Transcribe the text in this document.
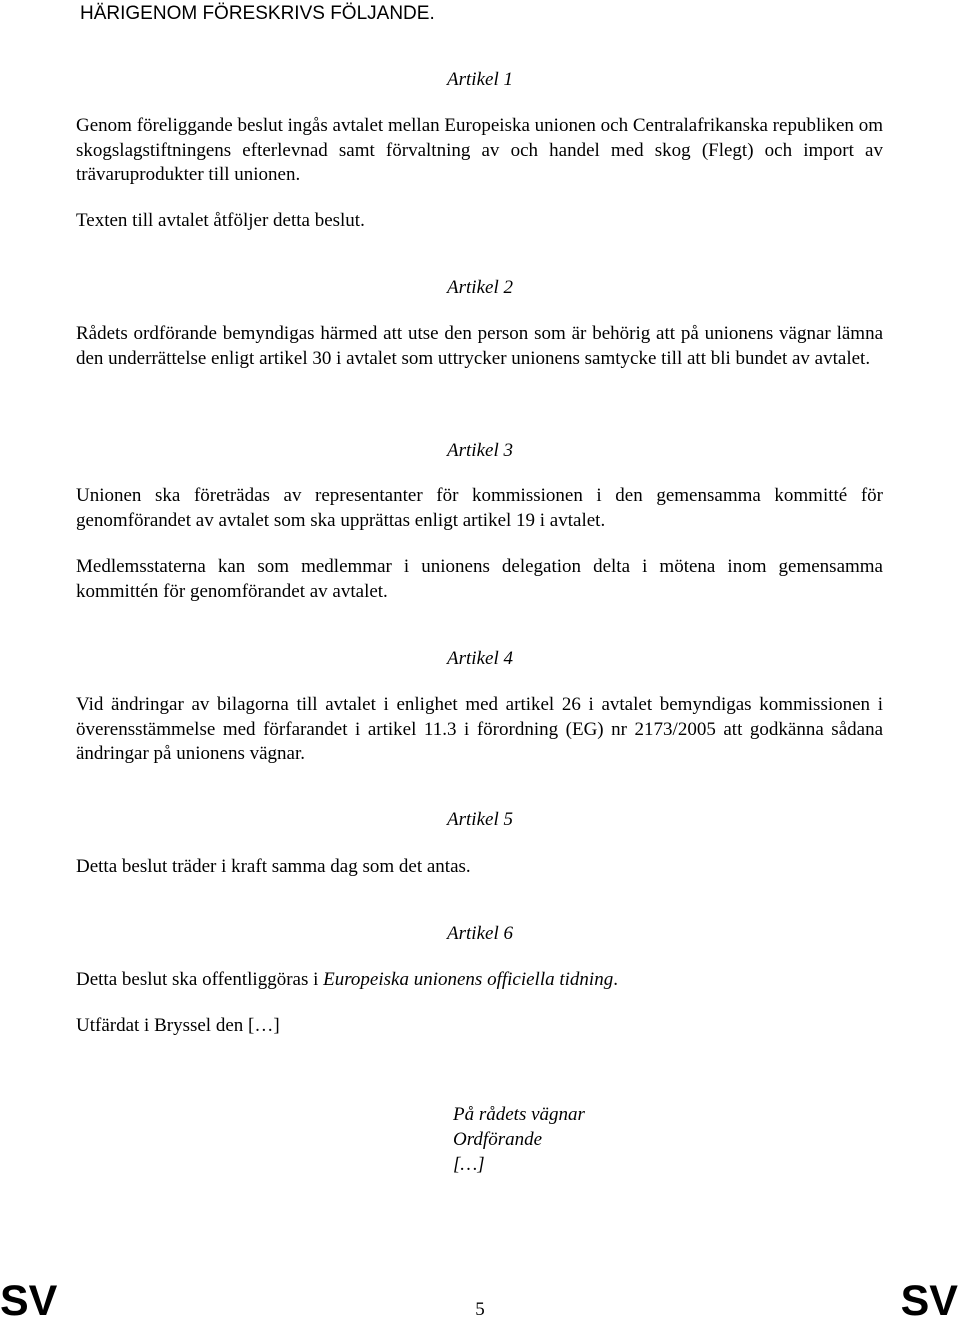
HÄRIGENOM FÖRESKRIVS FÖLJANDE.
Artikel 1
Genom föreliggande beslut ingås avtalet mellan Europeiska unionen och Centralafrikanska republiken om skogslagstiftningens efterlevnad samt förvaltning av och handel med skog (Flegt) och import av trävaruprodukter till unionen.
Texten till avtalet åtföljer detta beslut.
Artikel 2
Rådets ordförande bemyndigas härmed att utse den person som är behörig att på unionens vägnar lämna den underrättelse enligt artikel 30 i avtalet som uttrycker unionens samtycke till att bli bundet av avtalet.
Artikel 3
Unionen ska företrädas av representanter för kommissionen i den gemensamma kommitté för genomförandet av avtalet som ska upprättas enligt artikel 19 i avtalet.
Medlemsstaterna kan som medlemmar i unionens delegation delta i mötena inom gemensamma kommittén för genomförandet av avtalet.
Artikel 4
Vid ändringar av bilagorna till avtalet i enlighet med artikel 26 i avtalet bemyndigas kommissionen i överensstämmelse med förfarandet i artikel 11.3 i förordning (EG) nr 2173/2005 att godkänna sådana ändringar på unionens vägnar.
Artikel 5
Detta beslut träder i kraft samma dag som det antas.
Artikel 6
Detta beslut ska offentliggöras i Europeiska unionens officiella tidning.
Utfärdat i Bryssel den […]
På rådets vägnar
Ordförande
[…]
SV	5	SV
